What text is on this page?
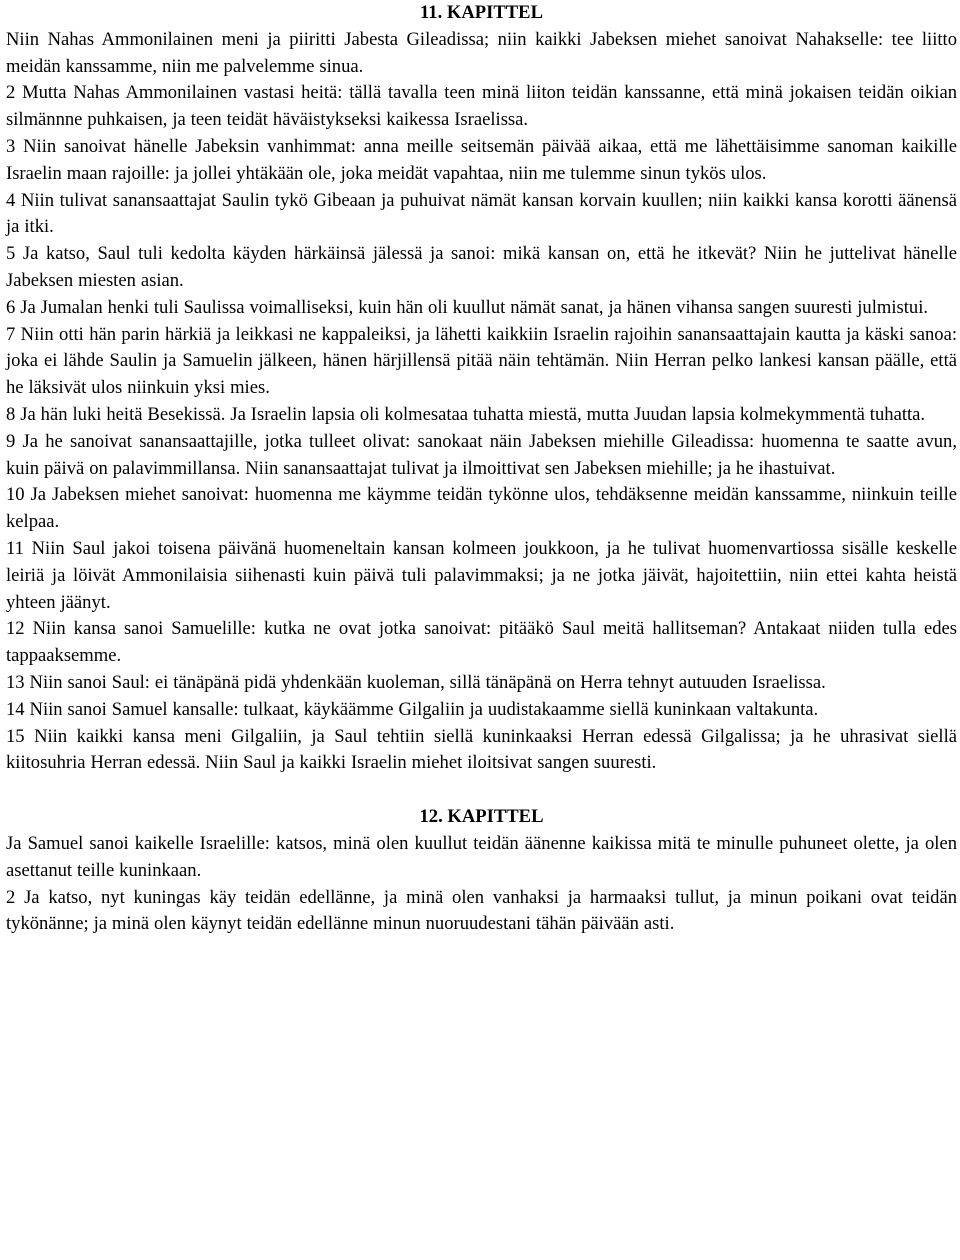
11. KAPITTEL

Niin Nahas Ammonilainen meni ja piiritti Jabesta Gileadissa; niin kaikki Jabeksen miehet sanoivat Nahakselle: tee liitto meidän kanssamme, niin me palvelemme sinua.

2 Mutta Nahas Ammonilainen vastasi heitä: tällä tavalla teen minä liiton teidän kanssanne, että minä jokaisen teidän oikian silmännne puhkaisen, ja teen teidät häväistykseksi kaikessa Israelissa.

3 Niin sanoivat hänelle Jabeksin vanhimmat: anna meille seitsemän päivää aikaa, että me lähettäisimme sanoman kaikille Israelin maan rajoille: ja jollei yhtäkään ole, joka meidät vapahtaa, niin me tulemme sinun tykös ulos.

4 Niin tulivat sanansaattajat Saulin tykö Gibeaan ja puhuivat nämät kansan korvain kuullen; niin kaikki kansa korotti äänensä ja itki.

5 Ja katso, Saul tuli kedolta käyden härkäinsä jälessä ja sanoi: mikä kansan on, että he itkevät? Niin he juttelivat hänelle Jabeksen miesten asian.

6 Ja Jumalan henki tuli Saulissa voimalliseksi, kuin hän oli kuullut nämät sanat, ja hänen vihansa sangen suuresti julmistui.

7 Niin otti hän parin härkiä ja leikkasi ne kappaleiksi, ja lähetti kaikkiin Israelin rajoihin sanansaattajain kautta ja käski sanoa: joka ei lähde Saulin ja Samuelin jälkeen, hänen härjillensä pitää näin tehtämän. Niin Herran pelko lankesi kansan päälle, että he läksivät ulos niinkuin yksi mies.

8 Ja hän luki heitä Besekissä. Ja Israelin lapsia oli kolmesataa tuhatta miestä, mutta Juudan lapsia kolmekymmentä tuhatta.

9 Ja he sanoivat sanansaattajille, jotka tulleet olivat: sanokaat näin Jabeksen miehille Gileadissa: huomenna te saatte avun, kuin päivä on palavimmillansa. Niin sanansaattajat tulivat ja ilmoittivat sen Jabeksen miehille; ja he ihastuivat.

10 Ja Jabeksen miehet sanoivat: huomenna me käymme teidän tykönne ulos, tehdäksenne meidän kanssamme, niinkuin teille kelpaa.

11 Niin Saul jakoi toisena päivänä huomeneltain kansan kolmeen joukkoon, ja he tulivat huomenvartiossa sisälle keskelle leiriä ja löivät Ammonilaisia siihenasti kuin päivä tuli palavimmaksi; ja ne jotka jäivät, hajoitettiin, niin ettei kahta heistä yhteen jäänyt.

12 Niin kansa sanoi Samuelille: kutka ne ovat jotka sanoivat: pitääkö Saul meitä hallitseman? Antakaat niiden tulla edes tappaaksemme.

13 Niin sanoi Saul: ei tänäpänä pidä yhdenkään kuoleman, sillä tänäpänä on Herra tehnyt autuuden Israelissa.

14 Niin sanoi Samuel kansalle: tulkaat, käykäämme Gilgaliin ja uudistakaamme siellä kuninkaan valtakunta.

15 Niin kaikki kansa meni Gilgaliin, ja Saul tehtiin siellä kuninkaaksi Herran edessä Gilgalissa; ja he uhrasivat siellä kiitosuhria Herran edessä. Niin Saul ja kaikki Israelin miehet iloitsivat sangen suuresti.

12. KAPITTEL

Ja Samuel sanoi kaikelle Israelille: katsos, minä olen kuullut teidän äänenne kaikissa mitä te minulle puhuneet olette, ja olen asettanut teille kuninkaan.

2 Ja katso, nyt kuningas käy teidän edellänne, ja minä olen vanhaksi ja harmaaksi tullut, ja minun poikani ovat teidän tykönänne; ja minä olen käynyt teidän edellänne minun nuoruudestani tähän päivään asti.
